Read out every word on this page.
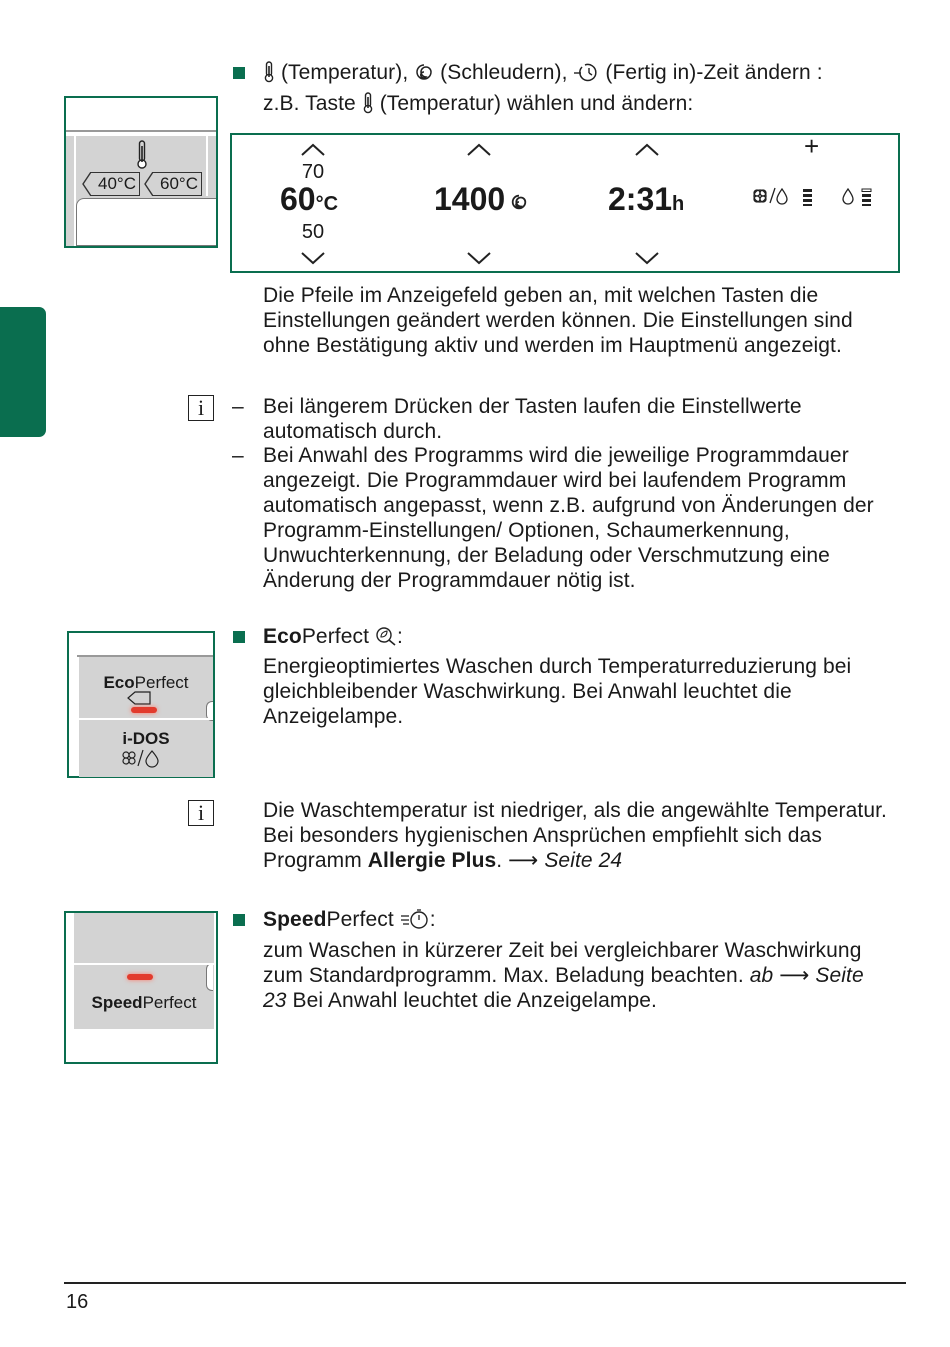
(Temperatur), (Schleudern), (Fertig in)-Zeit ändern :
z.B. Taste (Temperatur) wählen und ändern:
40°C	60°C
70
60°C
50
1400	2:31h
+
Die Pfeile im Anzeigefeld geben an, mit welchen Tasten die Einstellungen geändert werden können. Die Einstellungen sind ohne Bestätigung aktiv und werden im Hauptmenü angezeigt.
i	– Bei längerem Drücken der Tasten laufen die Einstellwerte automatisch durch.
– Bei Anwahl des Programms wird die jeweilige Programmdauer angezeigt. Die Programmdauer wird bei laufendem Programm automatisch angepasst, wenn z.B. aufgrund von Änderungen der Programm-Einstellungen/ Optionen, Schaumerkennung, Unwuchterkennung, der Beladung oder Verschmutzung eine Änderung der Programmdauer nötig ist.
EcoPerfect
i-DOS
EcoPerfect :
Energieoptimiertes Waschen durch Temperaturreduzierung bei gleichbleibender Waschwirkung. Bei Anwahl leuchtet die Anzeigelampe.
i	Die Waschtemperatur ist niedriger, als die angewählte Temperatur. Bei besonders hygienischen Ansprüchen empfiehlt sich das Programm Allergie Plus. ⟶ Seite 24
SpeedPerfect
SpeedPerfect :
zum Waschen in kürzerer Zeit bei vergleichbarer Waschwirkung zum Standardprogramm. Max. Beladung beachten. ab ⟶ Seite 23 Bei Anwahl leuchtet die Anzeigelampe.
16
